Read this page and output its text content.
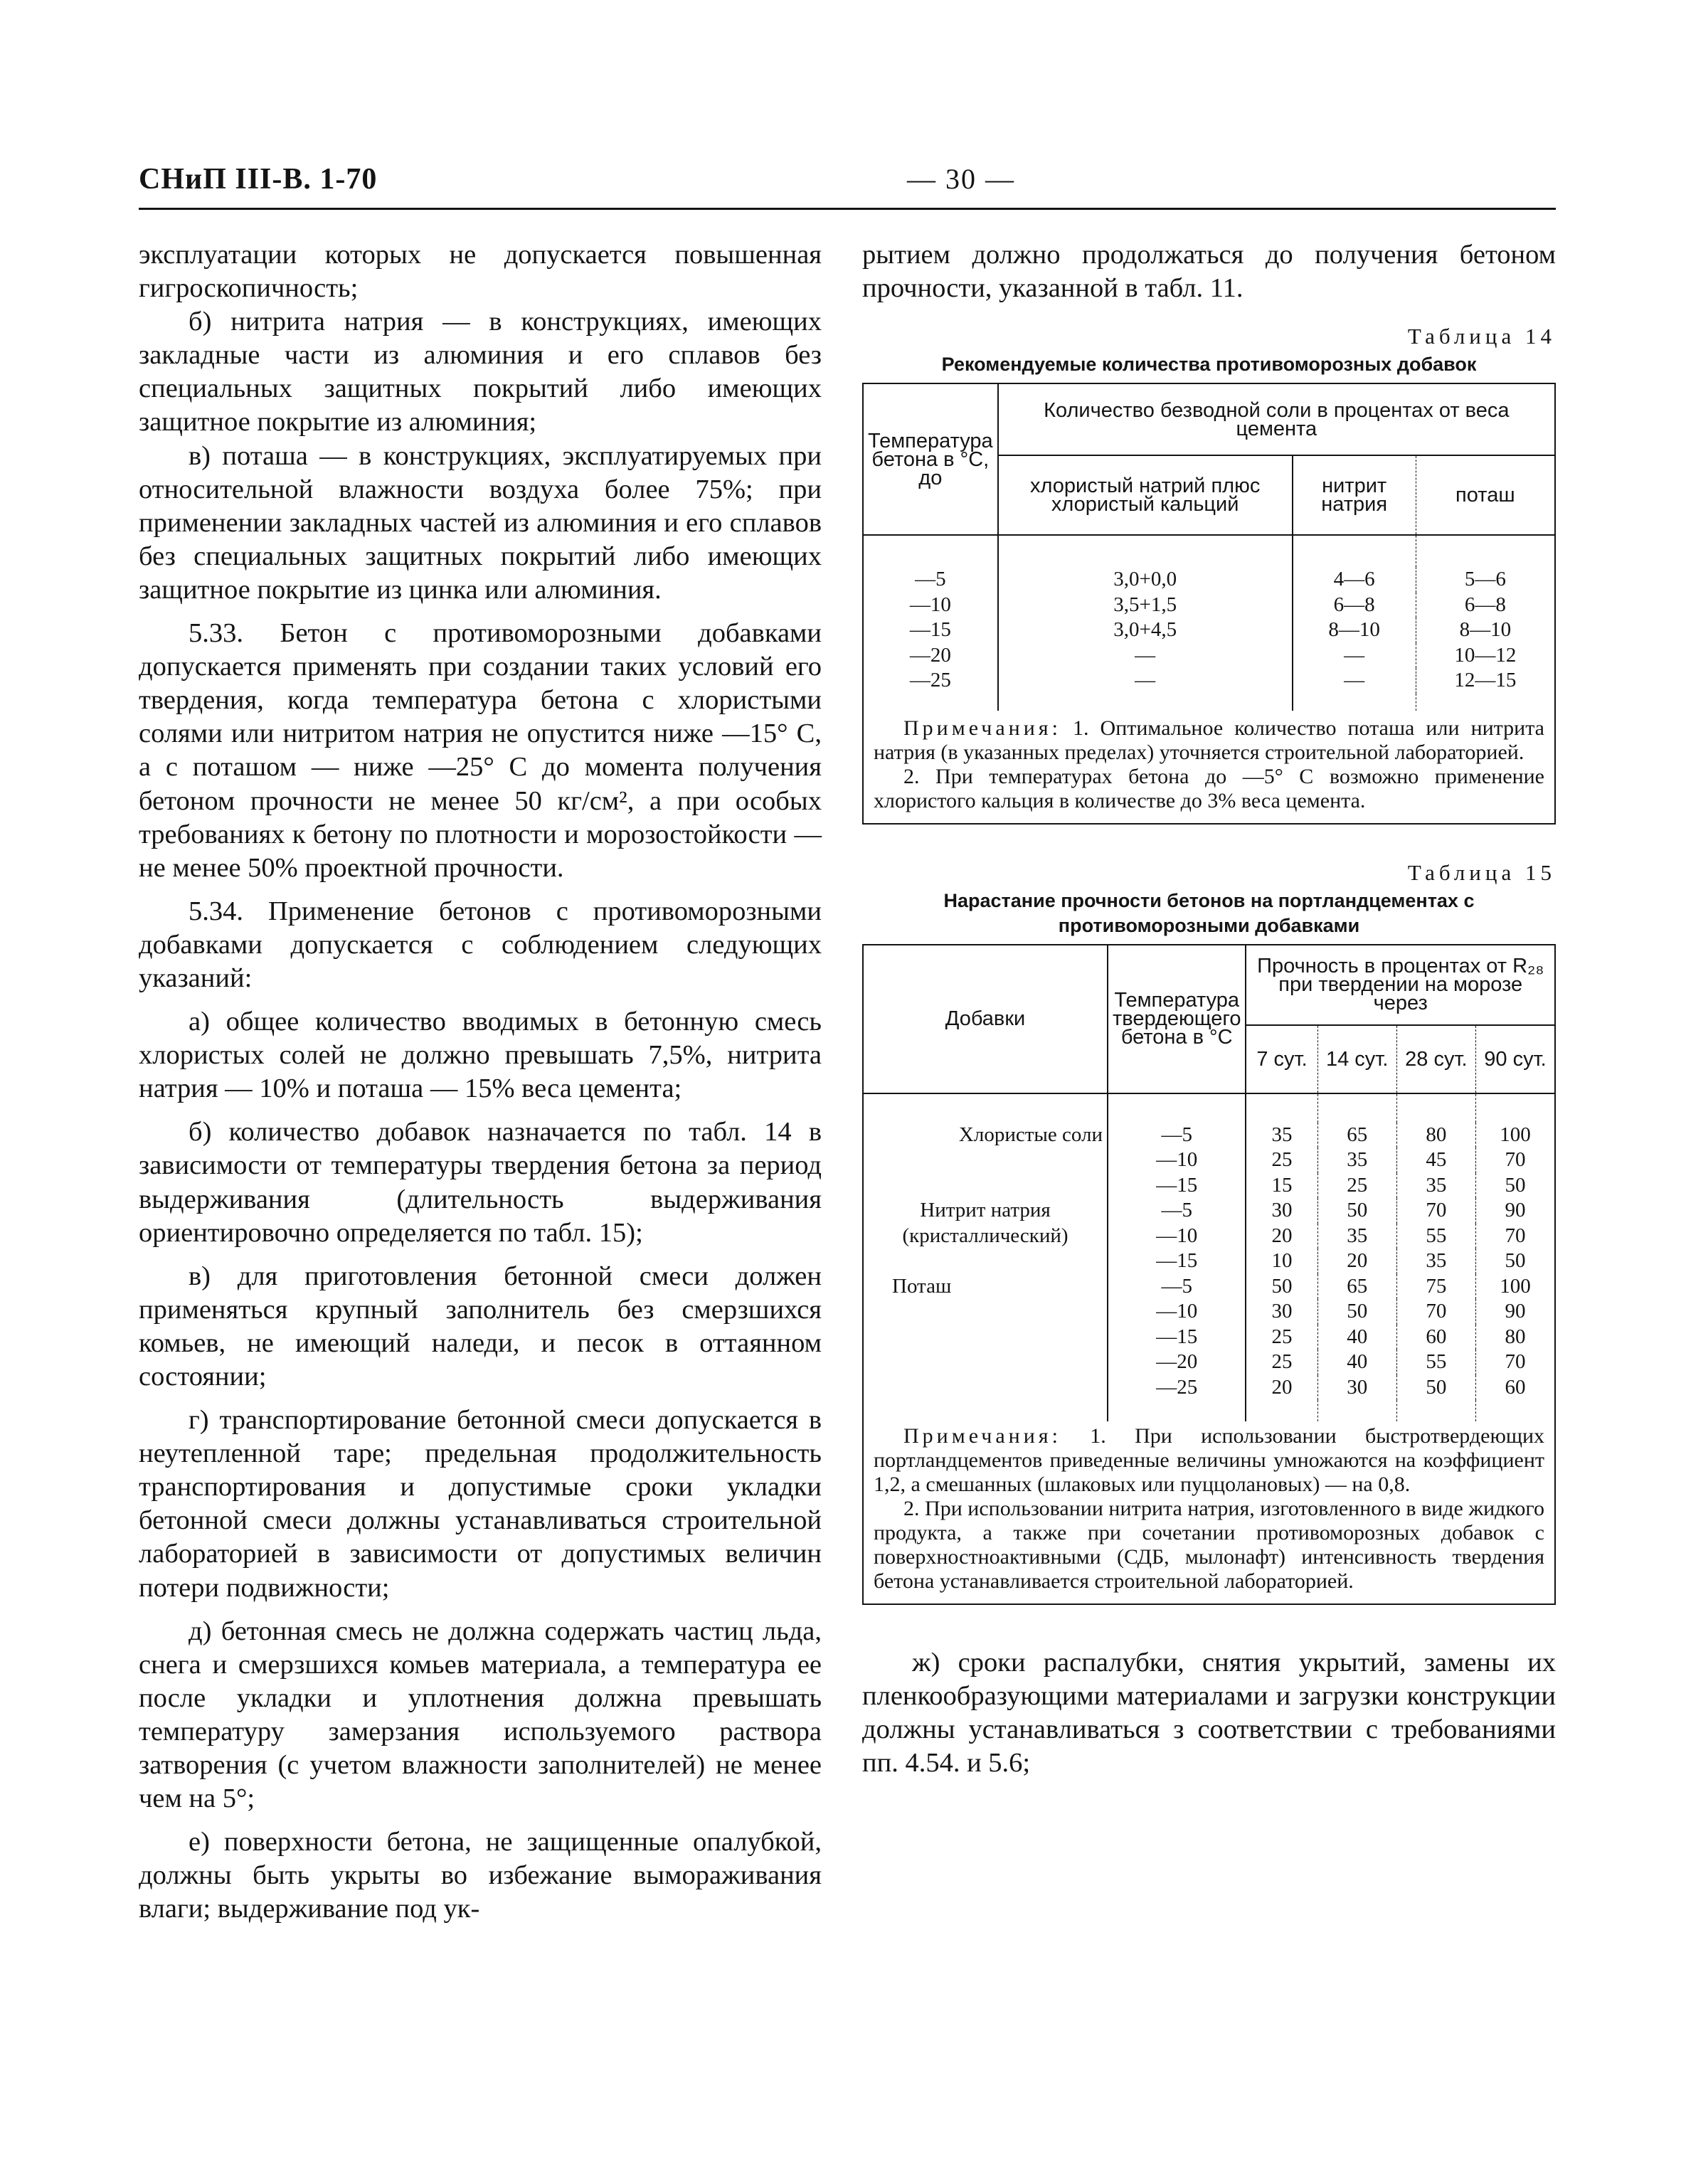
СНиП III-В. 1-70	— 30 —

эксплуатации которых не допускается повышенная гигроскопичность;

б) нитрита натрия — в конструкциях, имеющих закладные части из алюминия и его сплавов без специальных защитных покрытий либо имеющих защитное покрытие из алюминия;

в) поташа — в конструкциях, эксплуатируемых при относительной влажности воздуха более 75%; при применении закладных частей из алюминия и его сплавов без специальных защитных покрытий либо имеющих защитное покрытие из цинка или алюминия.

5.33. Бетон с противоморозными добавками допускается применять при создании таких условий его твердения, когда температура бетона с хлористыми солями или нитритом натрия не опустится ниже —15° С, а с поташом — ниже —25° С до момента получения бетоном прочности не менее 50 кг/см², а при особых требованиях к бетону по плотности и морозостойкости — не менее 50% проектной прочности.

5.34. Применение бетонов с противоморозными добавками допускается с соблюдением следующих указаний:

а) общее количество вводимых в бетонную смесь хлористых солей не должно превышать 7,5%, нитрита натрия — 10% и поташа — 15% веса цемента;

б) количество добавок назначается по табл. 14 в зависимости от температуры твердения бетона за период выдерживания (длительность выдерживания ориентировочно определяется по табл. 15);

в) для приготовления бетонной смеси должен применяться крупный заполнитель без смерзшихся комьев, не имеющий наледи, и песок в оттаянном состоянии;

г) транспортирование бетонной смеси допускается в неутепленной таре; предельная продолжительность транспортирования и допустимые сроки укладки бетонной смеси должны устанавливаться строительной лабораторией в зависимости от допустимых величин потери подвижности;

д) бетонная смесь не должна содержать частиц льда, снега и смерзшихся комьев материала, а температура ее после укладки и уплотнения должна превышать температуру замерзания используемого раствора затворения (с учетом влажности заполнителей) не менее чем на 5°;

е) поверхности бетона, не защищенные опалубкой, должны быть укрыты во избежание вымораживания влаги; выдерживание под ук-

рытием должно продолжаться до получения бетоном прочности, указанной в табл. 11.

Таблица 14
Рекомендуемые количества противоморозных добавок
Температура бетона в °С, до	Количество безводной соли в процентах от веса цемента		
	хлористый натрий плюс хлористый кальций	нитрит натрия	поташ

—5	3,0+0,0	4—6	5—6
—10	3,5+1,5	6—8	6—8
—15	3,0+4,5	8—10	8—10
—20	—	—	10—12
—25	—	—	12—15

Примечания: 1. Оптимальное количество поташа или нитрита натрия (в указанных пределах) уточняется строительной лабораторией.

2. При температурах бетона до —5° С возможно применение хлористого кальция в количестве до 3% веса цемента.

Таблица 15
Нарастание прочности бетонов на портландцементах с противоморозными добавками
Добавки	Температура твердеющего бетона в °С	Прочность в процентах от R₂₈ при твердении на морозе через			
		7 сут.	14 сут.	28 сут.	90 сут.

Хлористые соли	—5	35	65	80	100
	—10	25	35	45	70
	—15	15	25	35	50
Нитрит натрия	—5	30	50	70	90
(кристаллический)	—10	20	35	55	70
	—15	10	20	35	50
Поташ	—5	50	65	75	100
	—10	30	50	70	90
	—15	25	40	60	80
	—20	25	40	55	70
	—25	20	30	50	60

Примечания: 1. При использовании быстротвердеющих портландцементов приведенные величины умножаются на коэффициент 1,2, а смешанных (шлаковых или пуццолановых) — на 0,8.

2. При использовании нитрита натрия, изготовленного в виде жидкого продукта, а также при сочетании противоморозных добавок с поверхностноактивными (СДБ, мылонафт) интенсивность твердения бетона устанавливается строительной лабораторией.

ж) сроки распалубки, снятия укрытий, замены их пленкообразующими материалами и загрузки конструкции должны устанавливаться з соответствии с требованиями пп. 4.54. и 5.6;
